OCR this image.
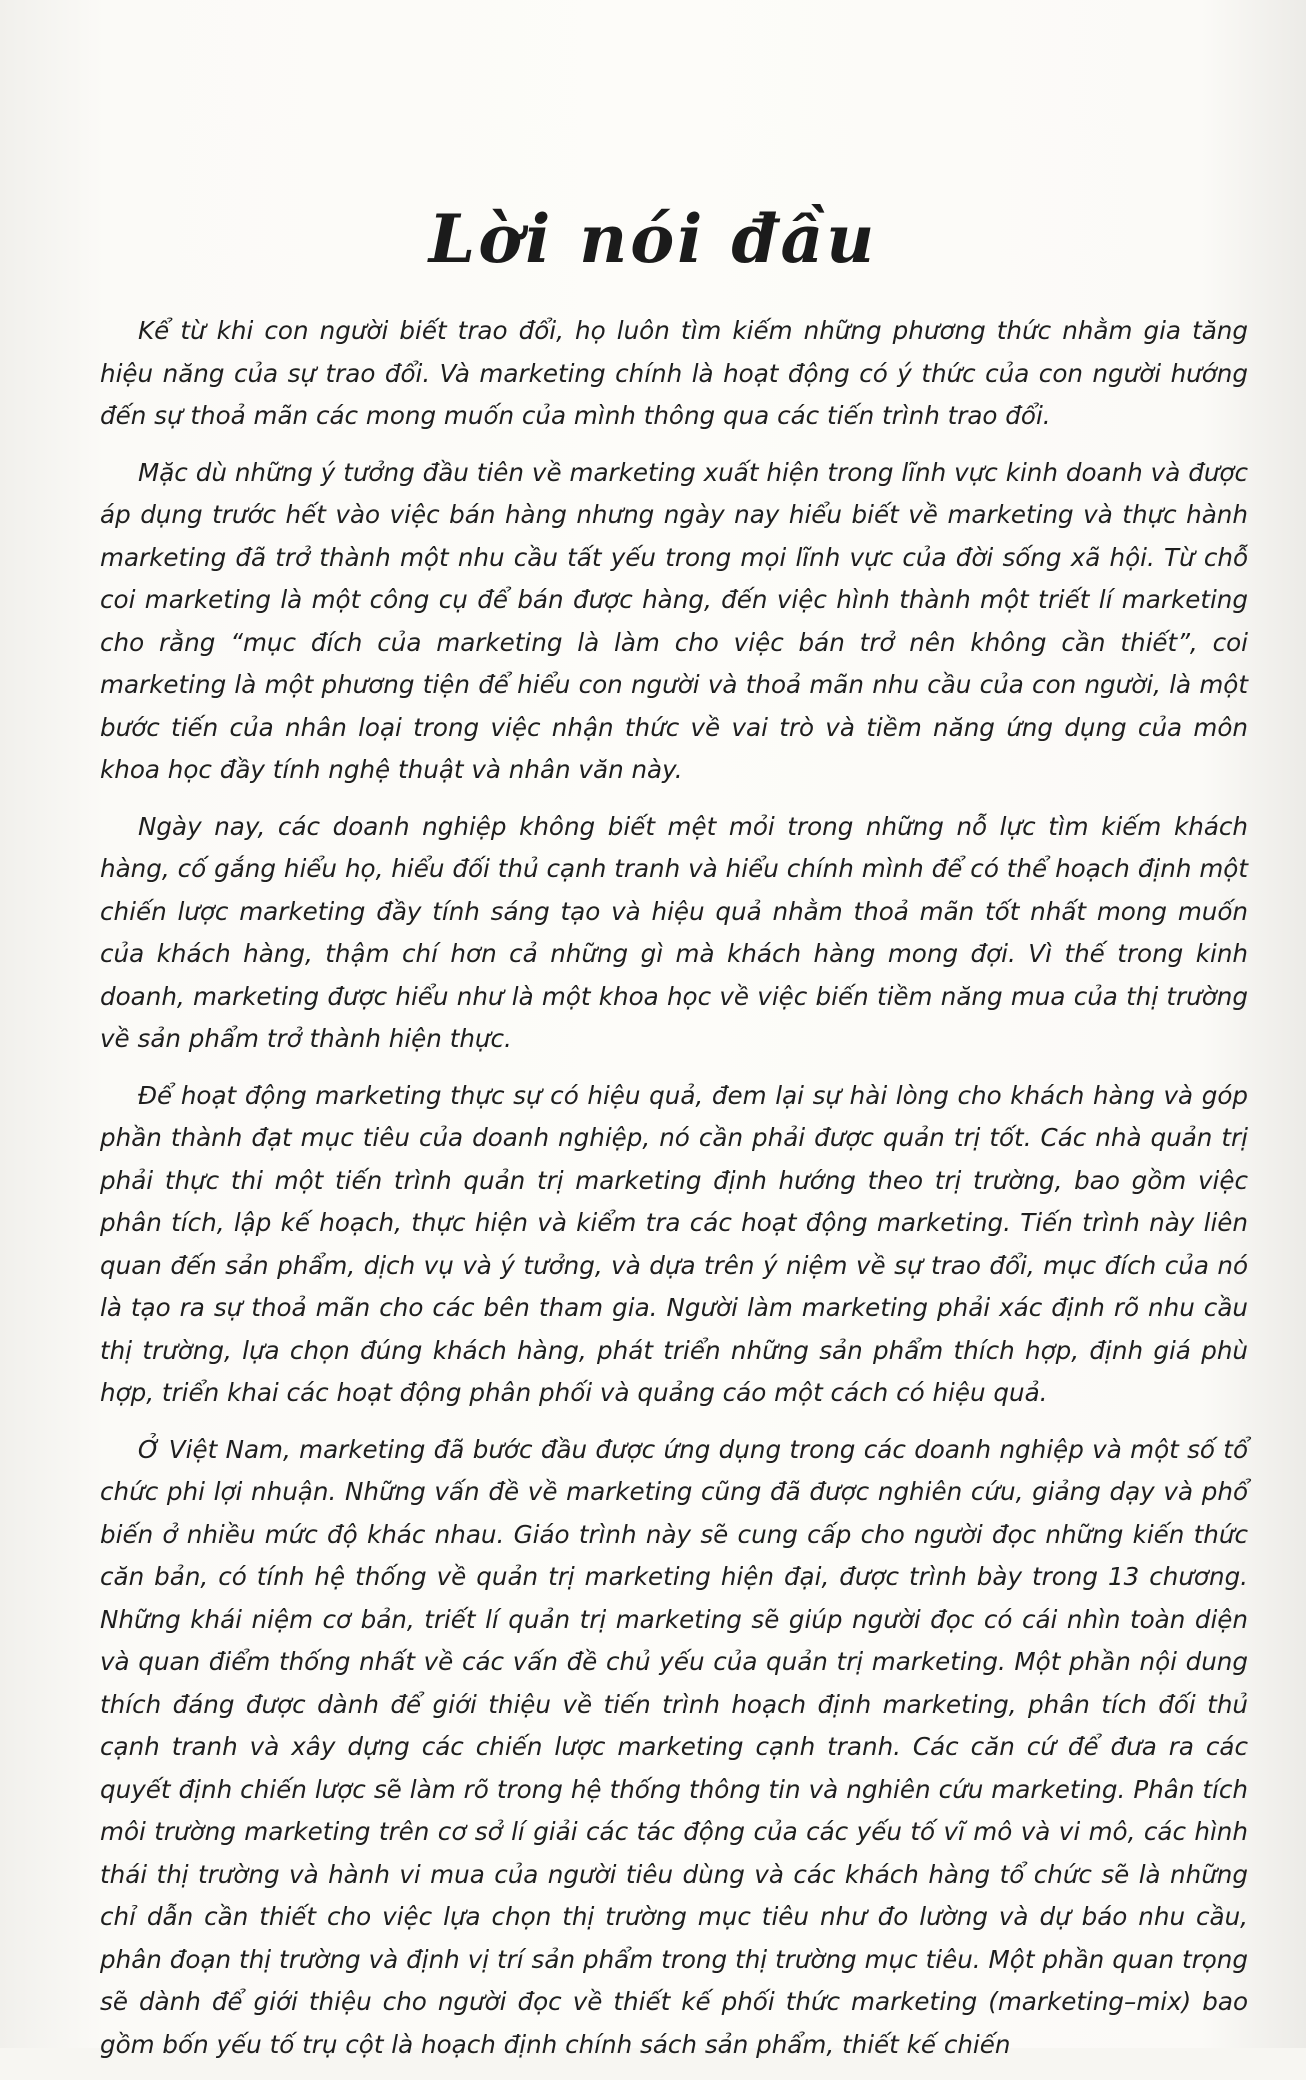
Lời nói đầu

Kể từ khi con người biết trao đổi, họ luôn tìm kiếm những phương thức nhằm gia tăng hiệu năng của sự trao đổi. Và marketing chính là hoạt động có ý thức của con người hướng đến sự thoả mãn các mong muốn của mình thông qua các tiến trình trao đổi.

Mặc dù những ý tưởng đầu tiên về marketing xuất hiện trong lĩnh vực kinh doanh và được áp dụng trước hết vào việc bán hàng nhưng ngày nay hiểu biết về marketing và thực hành marketing đã trở thành một nhu cầu tất yếu trong mọi lĩnh vực của đời sống xã hội. Từ chỗ coi marketing là một công cụ để bán được hàng, đến việc hình thành một triết lí marketing cho rằng “mục đích của marketing là làm cho việc bán trở nên không cần thiết”, coi marketing là một phương tiện để hiểu con người và thoả mãn nhu cầu của con người, là một bước tiến của nhân loại trong việc nhận thức về vai trò và tiềm năng ứng dụng của môn khoa học đầy tính nghệ thuật và nhân văn này.

Ngày nay, các doanh nghiệp không biết mệt mỏi trong những nỗ lực tìm kiếm khách hàng, cố gắng hiểu họ, hiểu đối thủ cạnh tranh và hiểu chính mình để có thể hoạch định một chiến lược marketing đầy tính sáng tạo và hiệu quả nhằm thoả mãn tốt nhất mong muốn của khách hàng, thậm chí hơn cả những gì mà khách hàng mong đợi. Vì thế trong kinh doanh, marketing được hiểu như là một khoa học về việc biến tiềm năng mua của thị trường về sản phẩm trở thành hiện thực.

Để hoạt động marketing thực sự có hiệu quả, đem lại sự hài lòng cho khách hàng và góp phần thành đạt mục tiêu của doanh nghiệp, nó cần phải được quản trị tốt. Các nhà quản trị phải thực thi một tiến trình quản trị marketing định hướng theo trị trường, bao gồm việc phân tích, lập kế hoạch, thực hiện và kiểm tra các hoạt động marketing. Tiến trình này liên quan đến sản phẩm, dịch vụ và ý tưởng, và dựa trên ý niệm về sự trao đổi, mục đích của nó là tạo ra sự thoả mãn cho các bên tham gia. Người làm marketing phải xác định rõ nhu cầu thị trường, lựa chọn đúng khách hàng, phát triển những sản phẩm thích hợp, định giá phù hợp, triển khai các hoạt động phân phối và quảng cáo một cách có hiệu quả.

Ở Việt Nam, marketing đã bước đầu được ứng dụng trong các doanh nghiệp và một số tổ chức phi lợi nhuận. Những vấn đề về marketing cũng đã được nghiên cứu, giảng dạy và phổ biến ở nhiều mức độ khác nhau. Giáo trình này sẽ cung cấp cho người đọc những kiến thức căn bản, có tính hệ thống về quản trị marketing hiện đại, được trình bày trong 13 chương. Những khái niệm cơ bản, triết lí quản trị marketing sẽ giúp người đọc có cái nhìn toàn diện và quan điểm thống nhất về các vấn đề chủ yếu của quản trị marketing. Một phần nội dung thích đáng được dành để giới thiệu về tiến trình hoạch định marketing, phân tích đối thủ cạnh tranh và xây dựng các chiến lược marketing cạnh tranh. Các căn cứ để đưa ra các quyết định chiến lược sẽ làm rõ trong hệ thống thông tin và nghiên cứu marketing. Phân tích môi trường marketing trên cơ sở lí giải các tác động của các yếu tố vĩ mô và vi mô, các hình thái thị trường và hành vi mua của người tiêu dùng và các khách hàng tổ chức sẽ là những chỉ dẫn cần thiết cho việc lựa chọn thị trường mục tiêu như đo lường và dự báo nhu cầu, phân đoạn thị trường và định vị trí sản phẩm trong thị trường mục tiêu. Một phần quan trọng sẽ dành để giới thiệu cho người đọc về thiết kế phối thức marketing (marketing–mix) bao gồm bốn yếu tố trụ cột là hoạch định chính sách sản phẩm, thiết kế chiến
